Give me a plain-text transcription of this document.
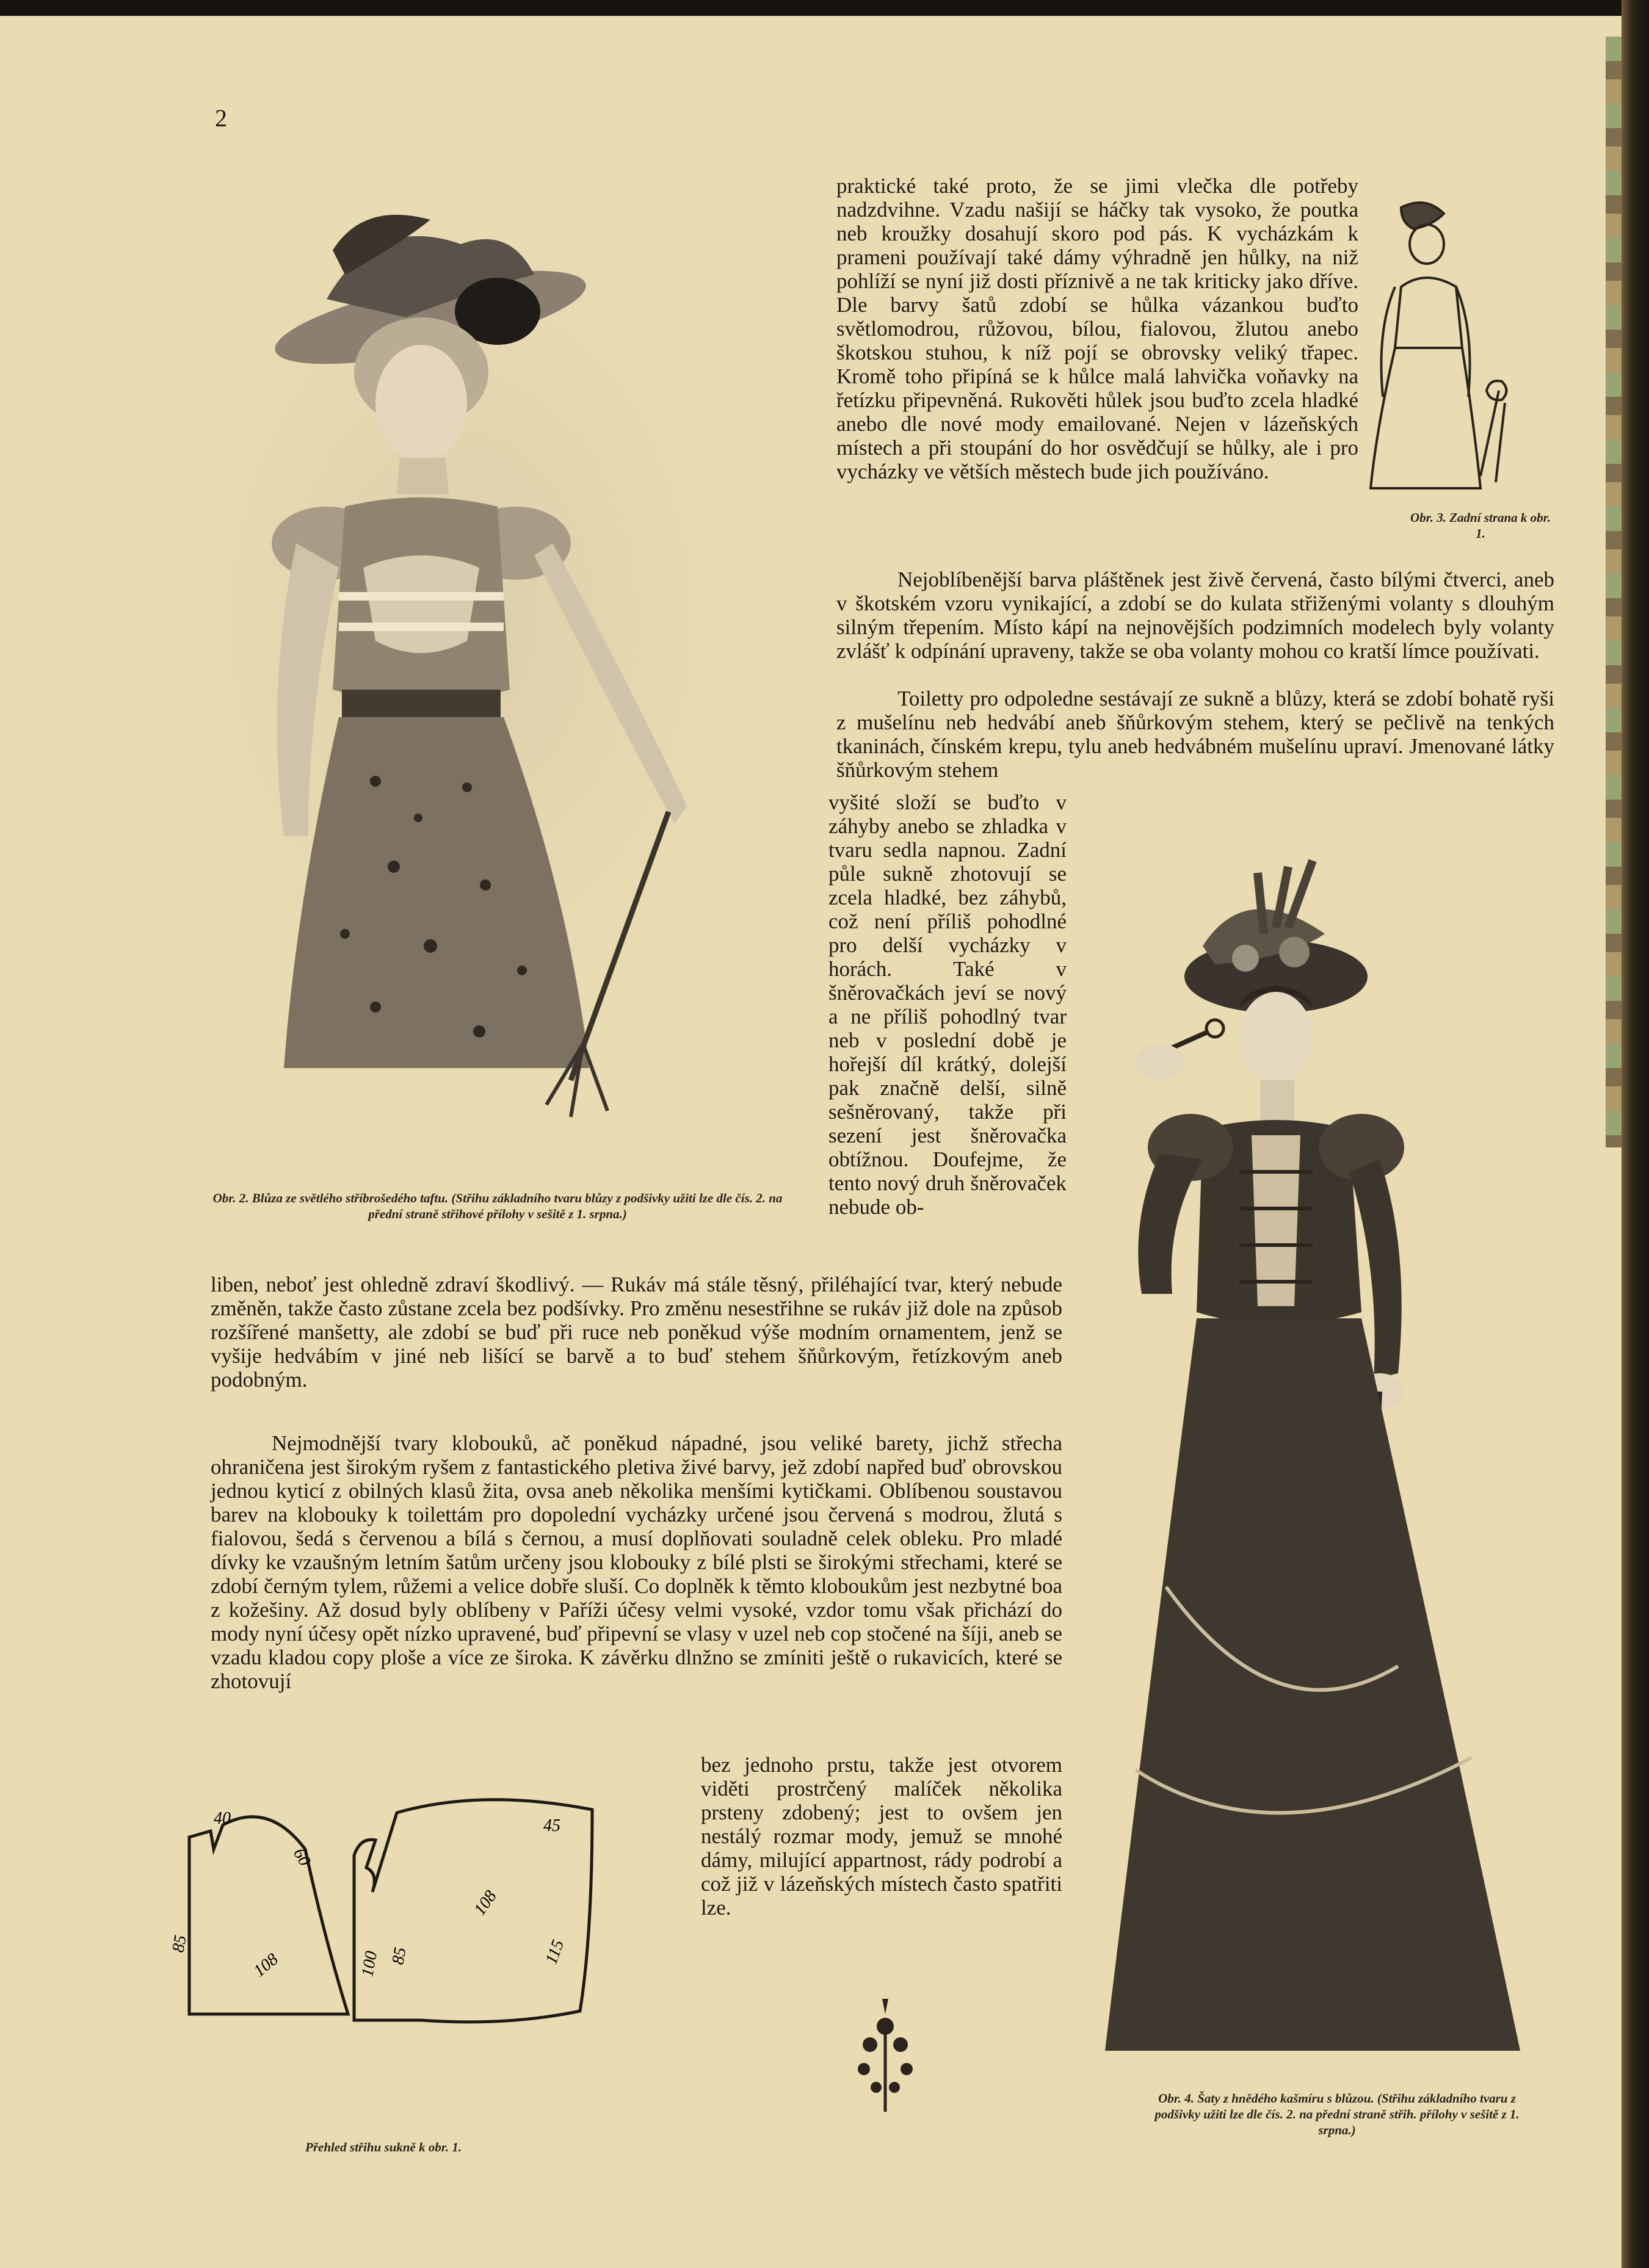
2
Obr. 2. Blůza ze světlého stříbrošedého taftu. (Střihu základního tvaru blůzy z podšivky užiti lze dle čís. 2. na přední straně střihové přílohy v sešitě z 1. srpna.)
Obr. 3. Zadní strana k obr. 1.

praktické také proto, že se jimi vlečka dle potřeby nadzdvihne. Vzadu našijí se háčky tak vysoko, že poutka neb kroužky dosahují skoro pod pás. K vycházkám k prameni používají také dámy výhradně jen hůlky, na niž pohlíží se nyní již dosti příznivě a ne tak kriticky jako dříve. Dle barvy šatů zdobí se hůlka vázankou buďto světlomodrou, růžovou, bílou, fialovou, žlutou anebo škotskou stuhou, k níž pojí se obrovsky veliký třapec. Kromě toho připíná se k hůlce malá lahvička voňavky na řetízku připevněná. Rukověti hůlek jsou buďto zcela hladké anebo dle nové mody emailované. Nejen v lázeňských místech a při stoupání do hor osvědčují se hůlky, ale i pro vycházky ve větších městech bude jich používáno.

Nejoblíbenější barva pláštěnek jest živě červená, často bílými čtverci, aneb v škotském vzoru vynikající, a zdobí se do kulata střiženými volanty s dlouhým silným třepením. Místo kápí na nejnovějších podzimních modelech byly volanty zvlášť k odpínání upraveny, takže se oba volanty mohou co kratší límce používati.

Toiletty pro odpoledne sestávají ze sukně a blůzy, která se zdobí bohatě ryši z mušelínu neb hedvábí aneb šňůrkovým stehem, který se pečlivě na tenkých tkaninách, čínském krepu, tylu aneb hedvábném mušelínu upraví. Jmenované látky šňůrkovým stehem

vyšité složí se buďto v záhyby anebo se zhladka v tvaru sedla napnou. Zadní půle sukně zhotovují se zcela hladké, bez záhybů, což není příliš pohodlné pro delší vycházky v horách. Také v šněrovačkách jeví se nový a ne příliš pohodlný tvar neb v poslední době je hořejší díl krátký, dolejší pak značně delší, silně sešněrovaný, takže při sezení jest šněrovačka obtížnou. Doufejme, že tento nový druh šněrovaček nebude ob-

liben, neboť jest ohledně zdraví škodlivý. — Rukáv má stále těsný, přiléhající tvar, který nebude změněn, takže často zůstane zcela bez podšívky. Pro změnu nesestřihne se rukáv již dole na způsob rozšířené manšetty, ale zdobí se buď při ruce neb poněkud výše modním ornamentem, jenž se vyšije hedvábím v jiné neb lišící se barvě a to buď stehem šňůrkovým, řetízkovým aneb podobným.

Nejmodnější tvary klobouků, ač poněkud nápadné, jsou veliké barety, jichž střecha ohraničena jest širokým ryšem z fantastického pletiva živé barvy, jež zdobí napřed buď obrovskou jednou kyticí z obilných klasů žita, ovsa aneb několika menšími kytičkami. Oblíbenou soustavou barev na klobouky k toilettám pro dopolední vycházky určené jsou červená s modrou, žlutá s fialovou, šedá s červenou a bílá s černou, a musí doplňovati souladně celek obleku. Pro mladé dívky ke vzaušným letním šatům určeny jsou klobouky z bílé plsti se širokými střechami, které se zdobí černým tylem, růžemi a velice dobře sluší. Co doplněk k těmto kloboukům jest nezbytné boa z kožešiny. Až dosud byly oblíbeny v Paříži účesy velmi vysoké, vzdor tomu však přichází do mody nyní účesy opět nízko upravené, buď připevní se vlasy v uzel neb cop stočené na šíji, aneb se vzadu kladou copy ploše a více ze široka. K závěrku dlnžno se zmíniti ještě o rukavicích, které se zhotovují

bez jednoho prstu, takže jest otvorem viděti prostrčený malíček několika prsteny zdobený; jest to ovšem jen nestálý rozmar mody, jemuž se mnohé dámy, milující appartnost, rády podrobí a což již v lázeňských místech často spatřiti lze.

Obr. 4. Šaty z hnědého kašmíru s blůzou. (Střihu základního tvaru z podšivky užiti lze dle čís. 2. na přední straně střih. přílohy v sešitě z 1. srpna.)
40
60
85
108
45
100 85
108
115
Přehled střihu sukně k obr. 1.
